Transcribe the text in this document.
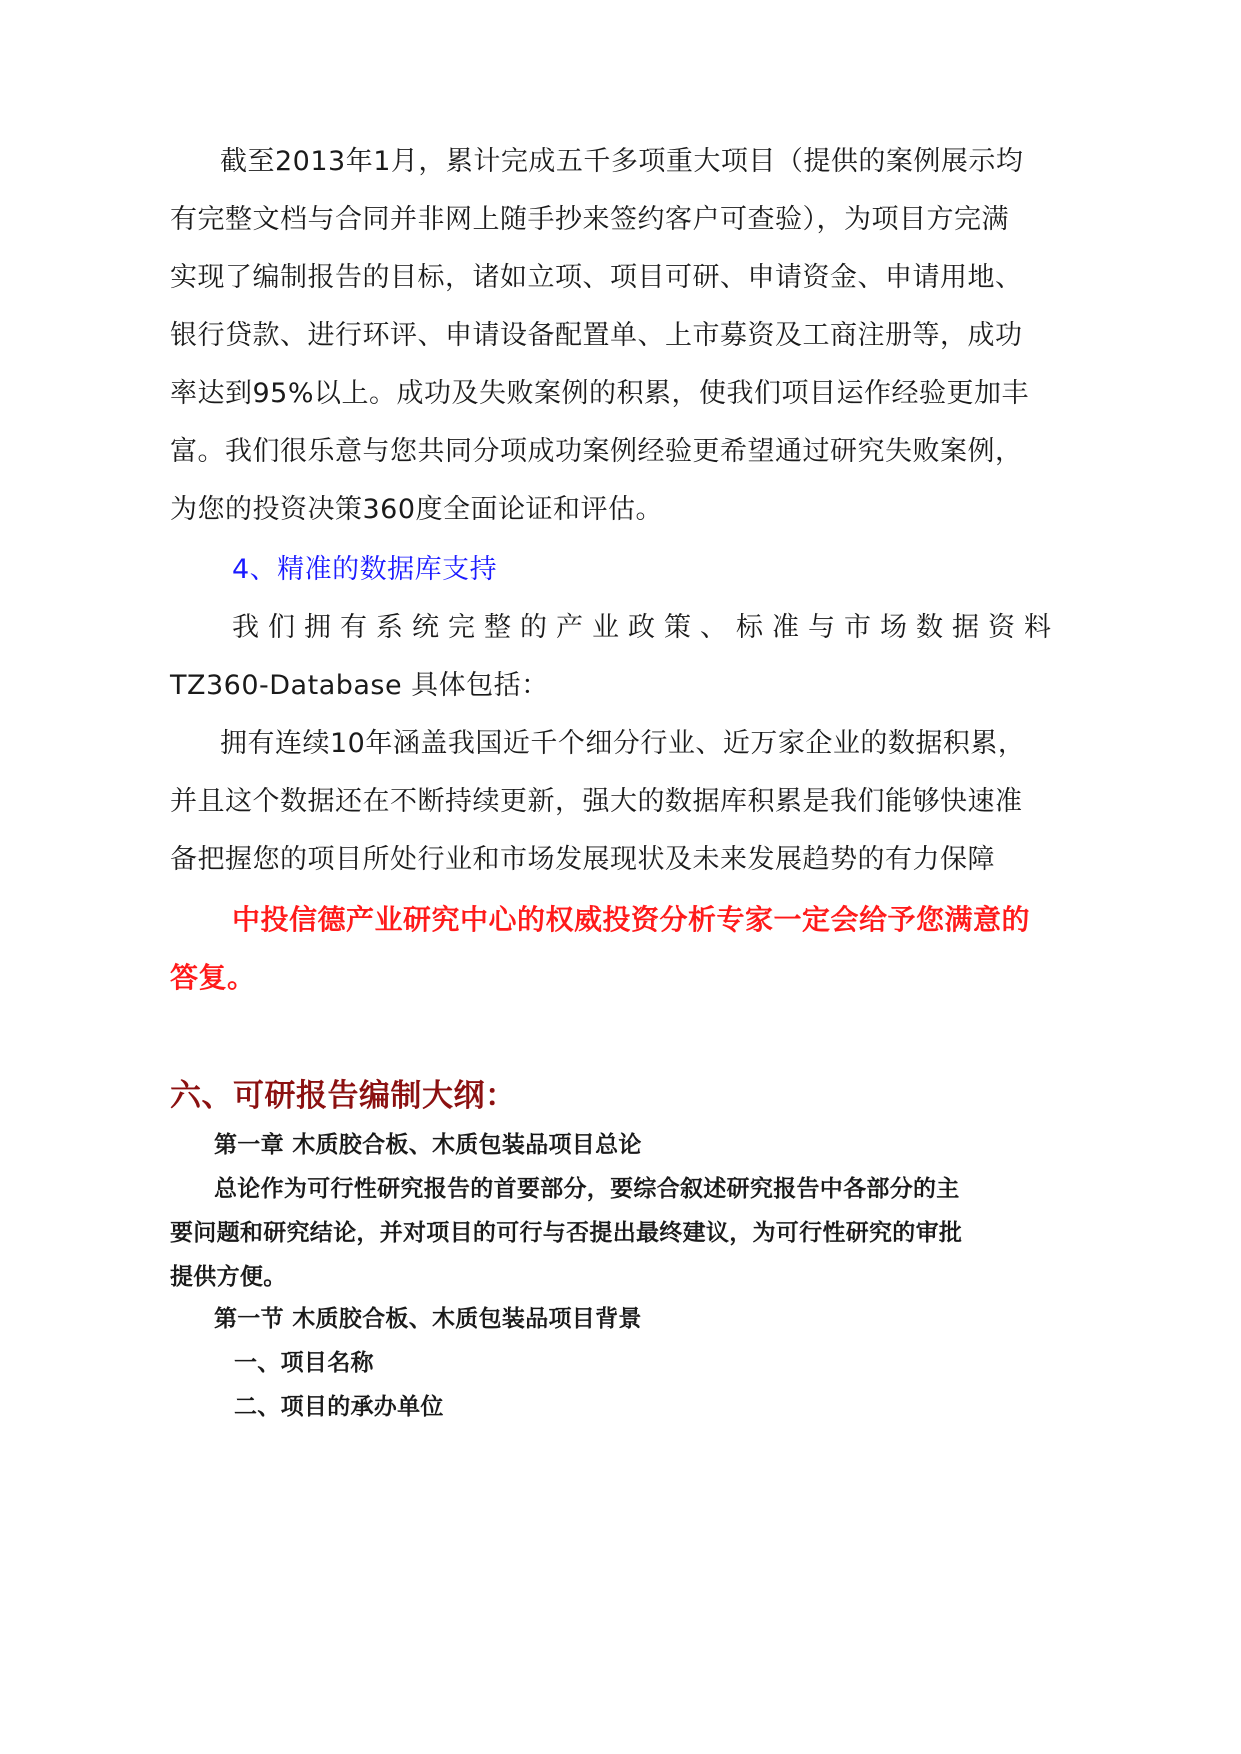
截至2013年1月，累计完成五千多项重大项目（提供的案例展示均
有完整文档与合同并非网上随手抄来签约客户可查验），为项目方完满
实现了编制报告的目标，诸如立项、项目可研、申请资金、申请用地、
银行贷款、进行环评、申请设备配置单、上市募资及工商注册等，成功
率达到95%以上。成功及失败案例的积累，使我们项目运作经验更加丰
富。我们很乐意与您共同分项成功案例经验更希望通过研究失败案例，
为您的投资决策360度全面论证和评估。
4、精准的数据库支持
我们拥有系统完整的产业政策、标准与市场数据资料
TZ360-Database 具体包括：
拥有连续10年涵盖我国近千个细分行业、近万家企业的数据积累，
并且这个数据还在不断持续更新，强大的数据库积累是我们能够快速准
备把握您的项目所处行业和市场发展现状及未来发展趋势的有力保障
中投信德产业研究中心的权威投资分析专家一定会给予您满意的
答复。
六、可研报告编制大纲：
第一章 木质胶合板、木质包装品项目总论
总论作为可行性研究报告的首要部分，要综合叙述研究报告中各部分的主
要问题和研究结论，并对项目的可行与否提出最终建议，为可行性研究的审批
提供方便。
第一节 木质胶合板、木质包装品项目背景
一、项目名称
二、项目的承办单位
